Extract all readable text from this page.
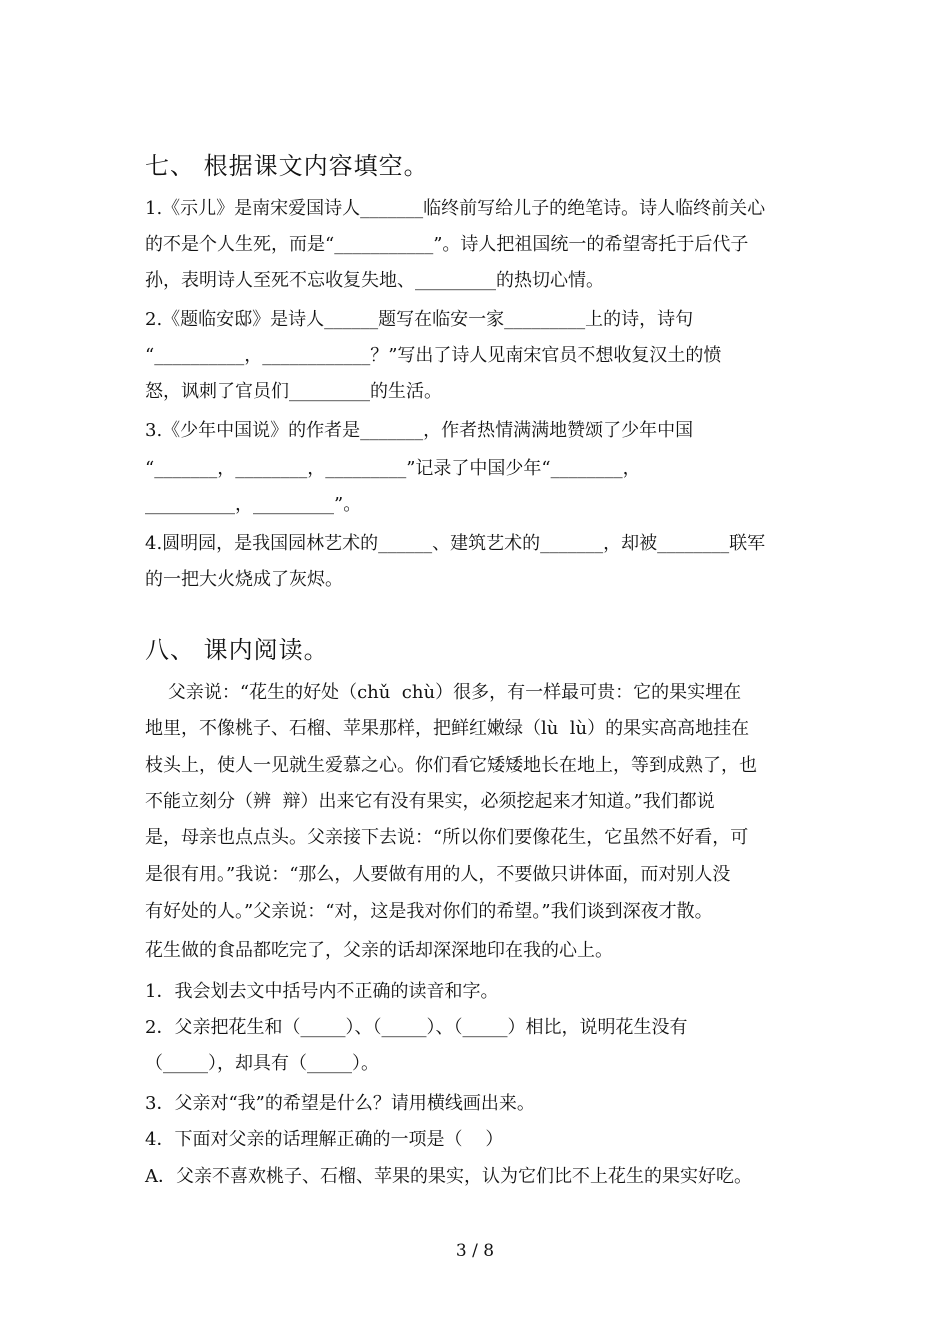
七、 根据课文内容填空。
1.《示儿》是南宋爱国诗人_______临终前写给儿子的绝笔诗。诗人临终前关心
的不是个人生死，而是“___________”。诗人把祖国统一的希望寄托于后代子
孙，表明诗人至死不忘收复失地、_________的热切心情。
2.《题临安邸》是诗人______题写在临安一家_________上的诗，诗句
“__________，____________？”写出了诗人见南宋官员不想收复汉土的愤
怒，讽刺了官员们_________的生活。
3.《少年中国说》的作者是_______，作者热情满满地赞颂了少年中国
“_______，________，_________”记录了中国少年“________，
__________，_________”。
4.圆明园，是我国园林艺术的______、建筑艺术的_______，却被________联军
的一把大火烧成了灰烬。
八、 课内阅读。
父亲说：“花生的好处（chǔ  chù）很多，有一样最可贵：它的果实埋在
地里，不像桃子、石榴、苹果那样，把鲜红嫩绿（lù  lù）的果实高高地挂在
枝头上，使人一见就生爱慕之心。你们看它矮矮地长在地上，等到成熟了，也
不能立刻分（辨  辩）出来它有没有果实，必须挖起来才知道。”我们都说
是，母亲也点点头。父亲接下去说：“所以你们要像花生，它虽然不好看，可
是很有用。”我说：“那么，人要做有用的人，不要做只讲体面，而对别人没
有好处的人。”父亲说：“对，这是我对你们的希望。”我们谈到深夜才散。
花生做的食品都吃完了，父亲的话却深深地印在我的心上。
1．我会划去文中括号内不正确的读音和字。
2．父亲把花生和（_____）、（_____）、（_____）相比，说明花生没有
（_____），却具有（_____）。
3．父亲对“我”的希望是什么？请用横线画出来。
4．下面对父亲的话理解正确的一项是（    ）
A．父亲不喜欢桃子、石榴、苹果的果实，认为它们比不上花生的果实好吃。
3 / 8
